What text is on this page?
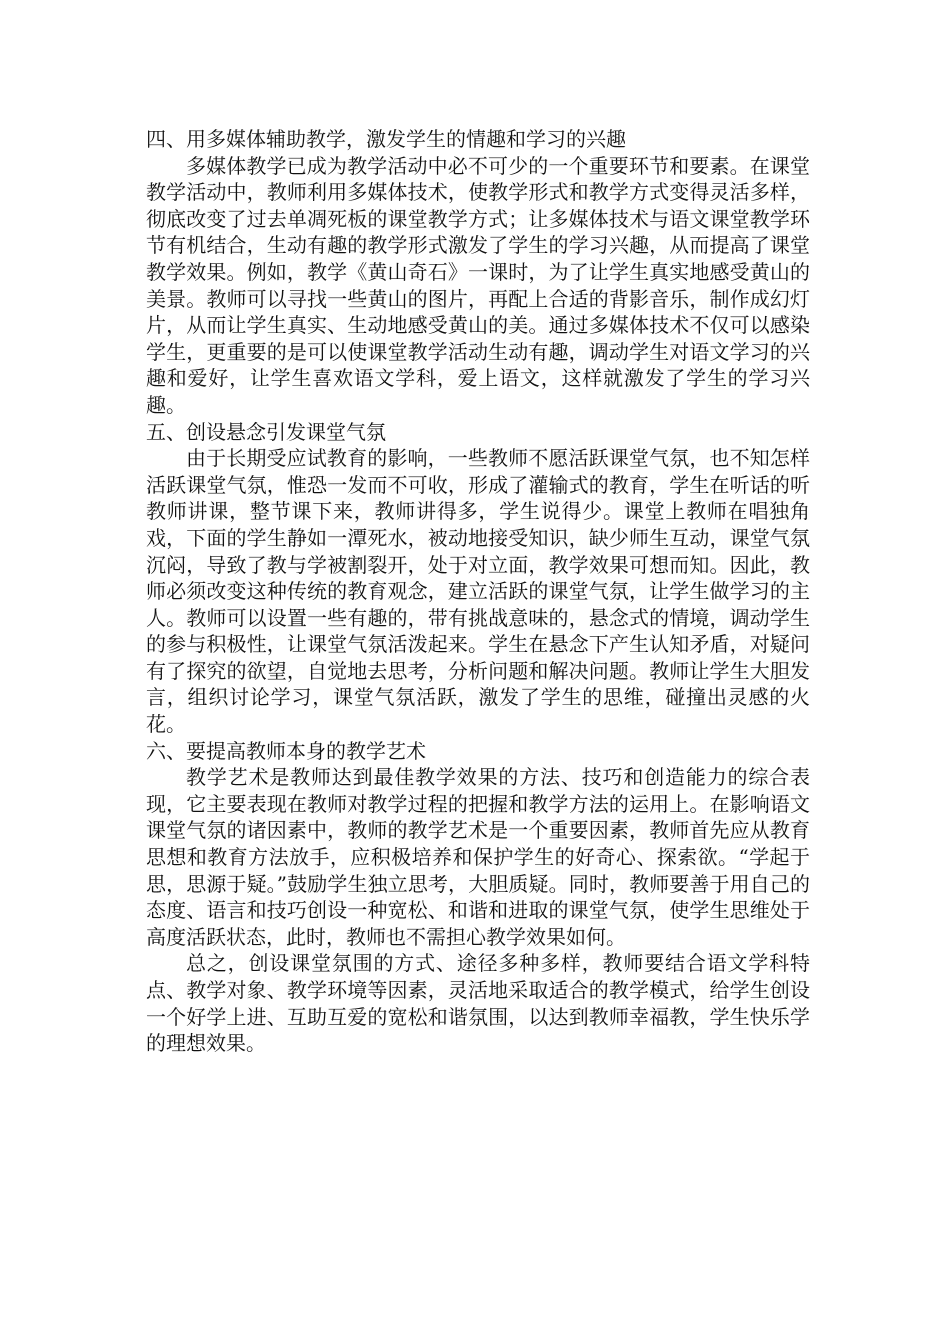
四、用多媒体辅助教学，激发学生的情趣和学习的兴趣

多媒体教学已成为教学活动中必不可少的一个重要环节和要素。在课堂教学活动中，教师利用多媒体技术，使教学形式和教学方式变得灵活多样，彻底改变了过去单凋死板的课堂教学方式；让多媒体技术与语文课堂教学环节有机结合，生动有趣的教学形式激发了学生的学习兴趣，从而提高了课堂教学效果。例如，教学《黄山奇石》一课时，为了让学生真实地感受黄山的美景。教师可以寻找一些黄山的图片，再配上合适的背影音乐，制作成幻灯片，从而让学生真实、生动地感受黄山的美。通过多媒体技术不仅可以感染学生，更重要的是可以使课堂教学活动生动有趣，调动学生对语文学习的兴趣和爱好，让学生喜欢语文学科，爱上语文，这样就激发了学生的学习兴趣。

五、创设悬念引发课堂气氛

由于长期受应试教育的影响，一些教师不愿活跃课堂气氛，也不知怎样活跃课堂气氛，惟恐一发而不可收，形成了灌输式的教育，学生在听话的听教师讲课，整节课下来，教师讲得多，学生说得少。课堂上教师在唱独角戏，下面的学生静如一潭死水，被动地接受知识，缺少师生互动，课堂气氛沉闷，导致了教与学被割裂开，处于对立面，教学效果可想而知。因此，教师必须改变这种传统的教育观念，建立活跃的课堂气氛，让学生做学习的主人。教师可以设置一些有趣的，带有挑战意味的，悬念式的情境，调动学生的参与积极性，让课堂气氛活泼起来。学生在悬念下产生认知矛盾，对疑问有了探究的欲望，自觉地去思考，分析问题和解决问题。教师让学生大胆发言，组织讨论学习，课堂气氛活跃，激发了学生的思维，碰撞出灵感的火花。

六、要提高教师本身的教学艺术

教学艺术是教师达到最佳教学效果的方法、技巧和创造能力的综合表现，它主要表现在教师对教学过程的把握和教学方法的运用上。在影响语文课堂气氛的诸因素中，教师的教学艺术是一个重要因素，教师首先应从教育思想和教育方法放手，应积极培养和保护学生的好奇心、探索欲。“学起于思，思源于疑。”鼓励学生独立思考，大胆质疑。同时，教师要善于用自己的态度、语言和技巧创设一种宽松、和谐和进取的课堂气氛，使学生思维处于高度活跃状态，此时，教师也不需担心教学效果如何。

总之，创设课堂氛围的方式、途径多种多样，教师要结合语文学科特点、教学对象、教学环境等因素，灵活地采取适合的教学模式，给学生创设一个好学上进、互助互爱的宽松和谐氛围，以达到教师幸福教，学生快乐学的理想效果。
